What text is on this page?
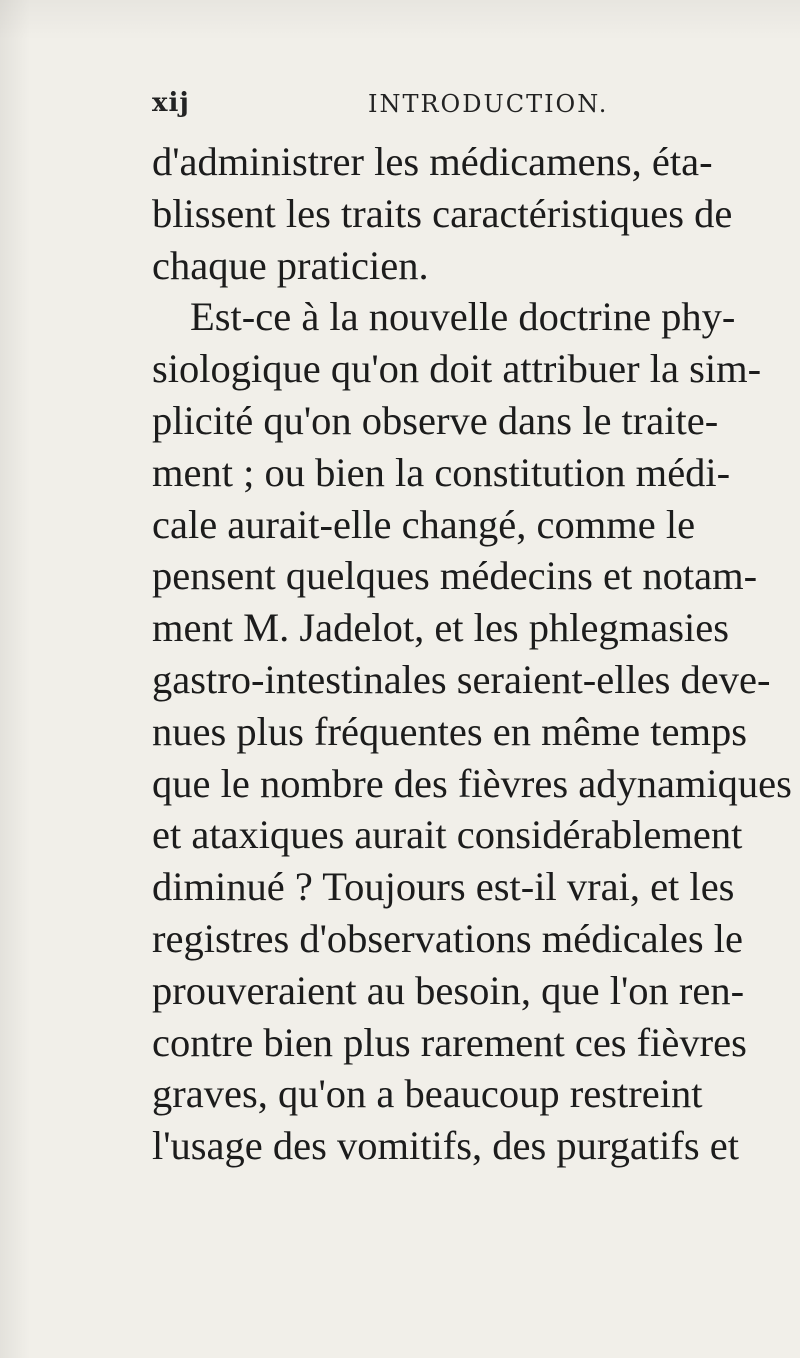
xij	INTRODUCTION.
d'administrer les médicamens, éta-
blissent les traits caractéristiques de
chaque praticien.
Est-ce à la nouvelle doctrine phy-
siologique qu'on doit attribuer la sim-
plicité qu'on observe dans le traite-
ment ; ou bien la constitution médi-
cale aurait-elle changé, comme le
pensent quelques médecins et notam-
ment M. Jadelot, et les phlegmasies
gastro-intestinales seraient-elles deve-
nues plus fréquentes en même temps
que le nombre des fièvres adynamiques
et ataxiques aurait considérablement
diminué ? Toujours est-il vrai, et les
registres d'observations médicales le
prouveraient au besoin, que l'on ren-
contre bien plus rarement ces fièvres
graves, qu'on a beaucoup restreint
l'usage des vomitifs, des purgatifs et
